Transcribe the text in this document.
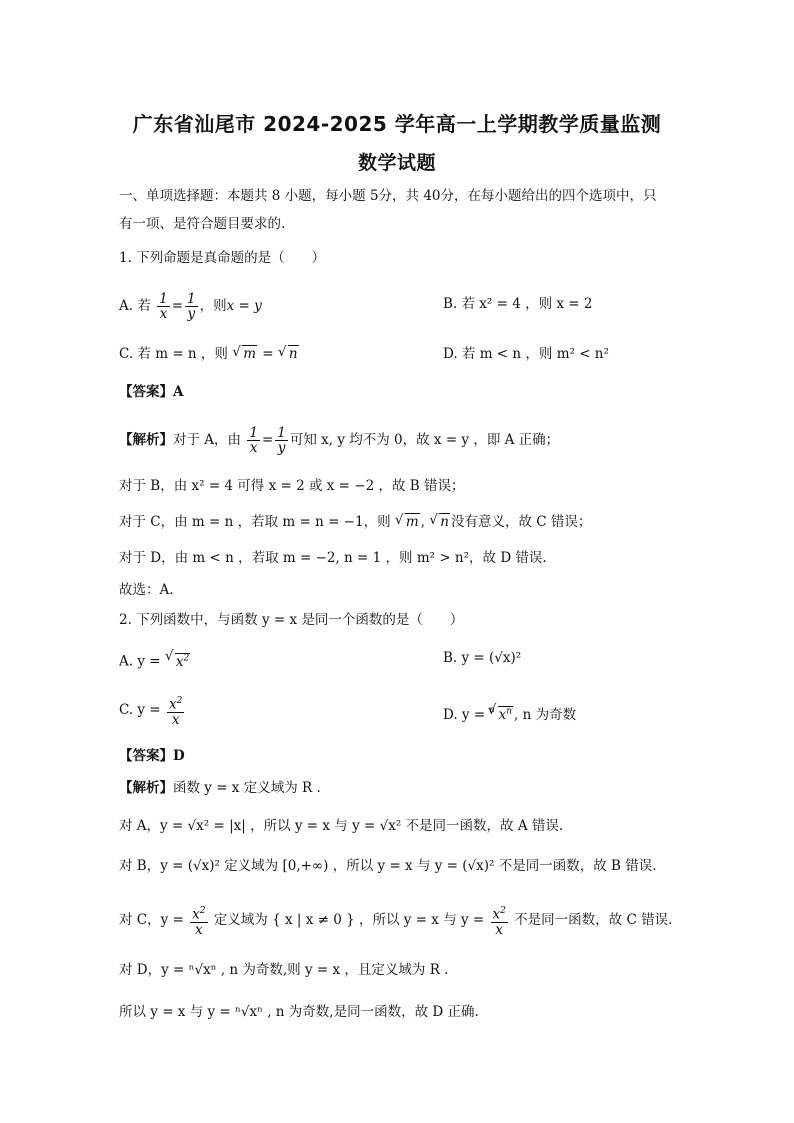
广东省汕尾市 2024-2025 学年高一上学期教学质量监测
数学试题
一、单项选择题：本题共 8 小题，每小题 5分，共 40分，在每小题给出的四个选项中，只
有一项、是符合题目要求的.
1. 下列命题是真命题的是（　　）
A. 若 $\frac{1}{x} = \frac{1}{y}$ ，则x = y	B. 若 x² = 4 ，则 x = 2
C. 若 m = n ，则 √ m = √ n	D. 若 m < n ，则 m² < n²
【答案】A
【解析】对于 A，由 $\frac{1}{x} = \frac{1}{y}$ 可知 x, y 均不为 0，故 x = y ，即 A 正确；
对于 B，由 x² = 4 可得 x = 2 或 x = −2 ，故 B 错误；
对于 C，由 m = n ，若取 m = n = −1，则 √ m , √ n 没有意义，故 C 错误；
对于 D，由 m < n ，若取 m = −2, n = 1 ，则 m² > n²，故 D 错误.
故选：A.
2. 下列函数中，与函数 y = x 是同一个函数的是（　　）
A. y = √ $x^2$	B. y = (√x)²
C. $y = \frac{x^2}{x}$	D. y = $^n$ √ $x^n$ , n 为奇数
【答案】D
【解析】函数 y = x 定义域为 R .
对 A，y = √x² = |x| ，所以 y = x 与 y = √x² 不是同一函数，故 A 错误.
对 B，y = (√x)² 定义域为 [0,+∞) ，所以 y = x 与 y = (√x)² 不是同一函数，故 B 错误.
对 C，$y = \frac{x^2}{x}$ 定义域为 { x | x ≠ 0 } ，所以 y = x 与 $y = \frac{x^2}{x}$ 不是同一函数，故 C 错误.
对 D，y = ⁿ√xⁿ , n 为奇数,则 y = x ，且定义域为 R .
所以 y = x 与 y = ⁿ√xⁿ , n 为奇数,是同一函数，故 D 正确.
